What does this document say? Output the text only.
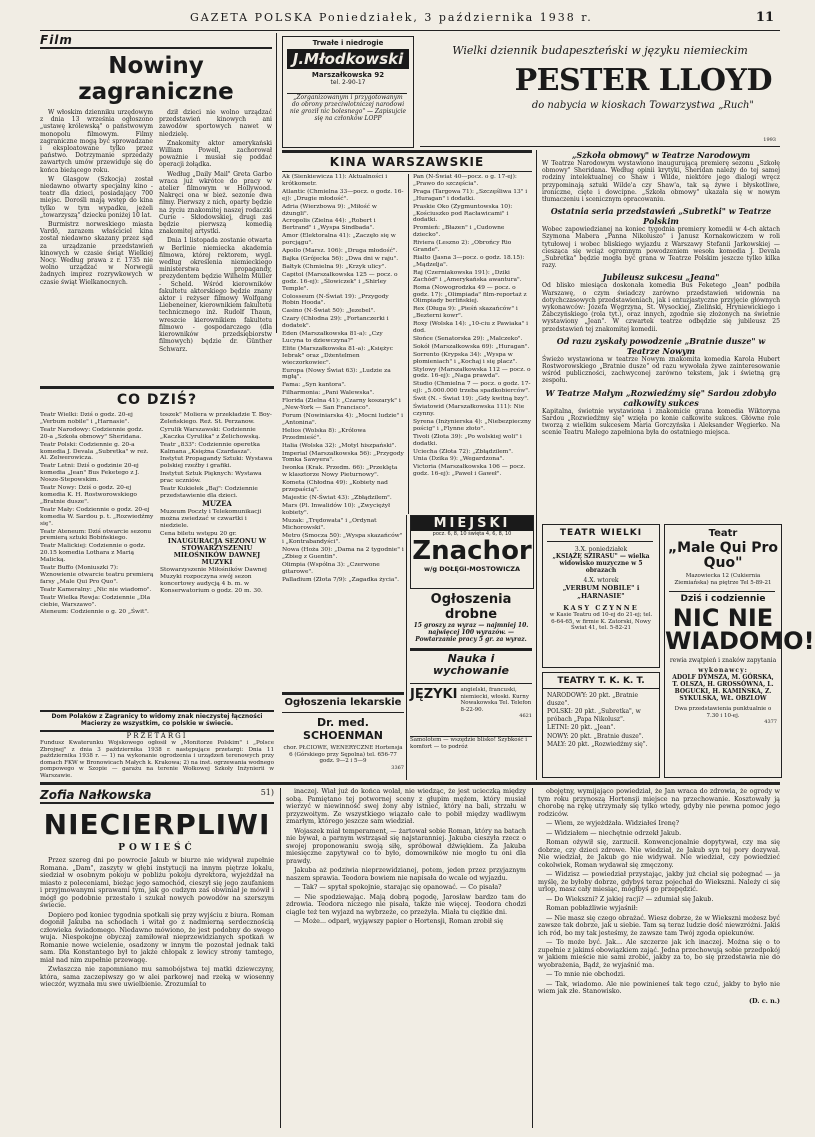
GAZETA POLSKA Poniedziałek, 3 października 1938 r.	11
Film
Nowiny zagraniczne

W włoskim dzienniku urzędowym z dnia 13 września ogłoszono „ustawę królewską" o państwowym monopolu filmowym. Filmy zagraniczne mogą być sprowadzane i eksploatowane tylko przez państwo. Dotrzymanie sprzedaży zawartych umów przewiduje się do końca bieżącego roku.

W Glasgow (Szkocja) został niedawno otwarty specjalny kino - teatr dla dzieci, posiadający 700 miejsc. Dorośli mają wstęp do kina tylko w tym wypadku, jeżeli „towarzyszą" dziecku poniżej 10 lat.

Burmistrz norweskiego miasta Vardö, zarazem właściciel kina został niedawno skazany przez sąd za urządzanie przedstawień kinowych w czasie świąt Wielkiej Nocy. Według prawa z r. 1735 nie wolno urządzać w Norwegii żadnych imprez rozrywkowych w czasie świąt Wielkanocnych.

dził dzieci nie wolno urządzać przedstawień kinowych ani zawodów sportowych nawet w niedzielę.

Znakomity aktor amerykański William Powell, zachorował poważnie i musiał się poddać operacji żołądka.

Według „Daily Mail" Greta Garbo wraca już wkrótce do pracy w atelier filmowym w Hollywood. Nakręci ona w bież. sezonie dwa filmy. Pierwszy z nich, oparty będzie na życiu znakomitej naszej rodaczki Curie - Skłodowskiej, drugi zaś będzie pierwszą komedią znakomitej artystki.

Dnia 1 listopada zostanie otwarta w Berlinie niemiecka akademia filmowa, której rektorem, wygl. według określenia niemieckiego ministerstwa propagandy, prezydentem będzie Wilhelm Müller - Scheld. Wśród kierowników fakultetu aktorskiego będzie znany aktor i reżyser filmowy Wolfgang Liebeneiner, kierownikiem fakultetu technicznego inż. Rudolf Thaun, wreszcie kierownikiem fakultetu filmowo - gospodarczego (dla kierowników przedsiębiorstw filmowych) będzie dr. Günther Schwarz.

Trwałe i niedrogie
J.Młodkowski
Marszałkowska 92
tel. 2-90-17
„Zorganizowanym i przygotowanym do obrony przeciwlotniczej narodowi nie groził nic bolesnego" — Zapisujcie się na członków LOPP
Wielki dziennik budapeszteński w języku niemieckim
PESTER LLOYD
do nabycia w kioskach Towarzystwa „Ruch"
1993
KINA WARSZAWSKIE
Ak (Sienkiewicza 11): Aktualności i krótkometr.
Atlantic (Chmielna 33—pocz. o godz. 16-ej): „Drugie młodość".
Adria (Wierzbowa 9): „Miłość w dżungli".
Acropolis (Zielna 44): „Robert i Bertrand" i „Wyspa Sindbada".
Amor (Elektoralna 41): „Zaczęło się w porcjągu".
Apollo (Marsz. 106): „Druga młodość".
Bajka (Grójecka 56): „Dwa dni w raju".
Bałtyk (Chmielna 9): „Krzyk ulicy".
Capitol (Marszałkowska 125 — pocz. o godz. 16-ej): „Ślowiczek" i „Shirley Temple".
Colosseum (N-Świat 19): „Przygody Robin Hooda".
Casino (N-Świat 50): „Jezebel".
Czary (Chłodna 29): „Fortanczerki i dodatek".
Eden (Marszałkowska 81-a): „Czy Lucyna to dziewczyna?"
Elite (Marszałkowska 81-a): „Księżyc Iebrak" oraz „Dżentelmen wieczorkowiec".
Europa (Nowy Świat 63): „Ludzie za mgłą".
Fama: „Syn kantora".
Filharmonia: „Pani Walewska".
Florida (Zielna 41): „Czarny koszaryk" i „New-York — San Francisco".
Forum (Nowiniarska 4): „Mocni ludzie" i „Antonina".
Helios (Wolska 8): „Królowa Przedmieść".
Italia (Wolska 32): „Motyl hiszpański".
Imperial (Marszałkowska 56): „Przygody Tomka Sawyera".
Iwonka (Krak. Przedm. 66): „Przeklęta w klasztorze Nowy Pieturnowy".
Kometa (Chłodna 49): „Kobiety nad przepaścią".
Majestic (N-Świat 43): „Zbłądzilem".
Mars (Pl. Inwalidów 10): „Zwyciężył kobiety".
Muzak: „Trędowata" i „Ordynat Michorowski".
Metro (Smocza 50): „Wyspa skazańców" i „Kontrabandyści".
Nowa (Hoża 30): „Dama na 2 tygodnie" i „Zbieg z Guentin".
Olimpia (Wspólna 3): „Czerwone gitarowe".
Palladium (Złota 7/9): „Zagadka życia".
Pan (N-Świat 40—pocz. o g. 17-ej): „Prawo do szczęścia".
Praga (Targowa 71): „Szczęśliwa 13" i „Huragan" i dodatki.
Praskie Oko (Zygmuntowska 10): „Kościuszko pod Racławicami" i dodatki.
Promień: „Błazen" i „Cudowne dziecko".
Riviera (Leszno 2): „Obrońcy Rio Grande".
Rialto (Jasna 3—pocz. o godz. 18.15): „Mądzelja".
Raj (Czerniakowska 191): „Dziki Zachód" i „Amerykańska awantura".
Roma (Nowogrodzka 49 — pocz. o godz. 17): „Olimpiada" film-reportaż z Olimpiady berlińskiej.
Rex (Długa 9): „Pieśń skazańców" i „Bezterni kowr".
Roxy (Wolska 14): „10-ciu z Pawiaka" i dod.
Słońce (Senatorska 29): „Malczeko".
Sokół (Marszałkowska 69): „Huragan".
Sorrento (Krypska 34): „Wyspa w płomieniach" i „Kochaj i się placz".
Stylowy (Marszałkowska 112 — pocz. o godz. 16-ej): „Naga prawda".
Studio (Chmielna 7 — pocz. o godz. 17-ej): „5.000.000 trzeba spadkobierców".
Świt (N. - Świat 19): „Gdy kwitną bzy".
Światowid (Marszałkowska 111): Nie czynny.
Syrena (Inżynierska 4): „Niebezpieczny pościg" i „Flynne złoto".
Tivoli (Złota 39): „Po wolskiej woli" i dodatki.
Uciecha (Złota 72): „Zbłądzilem".
Unia (Dzika 9): „Wegardzona".
Victoria (Marszałkowska 106 — pocz. godz. 16-ej): „Paweł i Gaweł".
CO DZIŚ?
Teatr Wielki: Dziś o godz. 20-ej „Verbum nobile" i „Harnasie".
Teatr Narodowy: Codziennie godz. 20-a „Szkoła obmowy" Sheridana.
Teatr Polski: Codziennie g. 20-a komedia J. Devala „Subretka" w reż. Al. Zelwerowicza.
Teatr Letni: Dziś o godzinie 20-ej komedia „Jean" Bus Feketego z J. Nosze-Stepowskim.
Teatr Nowy: Dziś o godz. 20-ej komedia K. H. Rostworowskiego „Bratnie dusze".
Teatr Mały: Codziennie o godz. 20-ej komedia W. Sardou p. t. „Rozwiedźmy się".
Teatr Ateneum: Dziś otwarcie sezonu premierą sztuki Bobińskiego.
Teatr Malickiej: Codziennie o godz. 20.15 komedia Lothara z Marią Malicką.
Teatr Buffo (Moniuszki 7): Wznowienie otwarcie teatru premierą farsy „Male Qui Pro Quo".
Teatr Kameralny: „Nic nie wiadomo".
Teatr Wielka Rewja: Codziennie „Dla ciebie, Warszawo".
Ateneum: Codziennie o g. 20 „Świt".
toszek" Moliera w przekładzie T. Boy-Żeleńskiego. Reż. St. Perzanow.
Cyrulik Warszawski: Codziennie „Kaczka Cyrulika" z Żelichowską.
Teatr „833": Codziennie operetka Kalmana „Księżna Czardasza".
Instytut Propagandy Sztuki: Wystawa polskiej rzeźby i grafiki.
Instytut Sztuk Pięknych: Wystawa prac uczniów.
Teatr Kukiełek „Baj": Codziennie przedstawienie dla dzieci.
MUZEA
Muzeum Poczty i Telekomunikacji można zwiedzać w czwartki i niedziele.
Cena biletu wstępu 20 gr.
INAUGURACJA SEZONU W STOWARZYSZENIU MIŁOŚNIKÓW DAWNEJ MUZYKI
Stowarzyszenie Miłośników Dawnej Muzyki rozpoczyna swój sezon koncertowy audycją 4 b. m. w Konserwatorium o godz. 20 m. 30.
Dom Polaków z Zagranicy to widomy znak nieczystej łączności Macierzy ze wszystkim, co polskie w świecie.
PRZETARGI
Fundusz Kwaterunku Wojskowego ogłosił w „Monitorze Polskim" i „Polsce Zbrojnej" z dnia 3 października 1938 r. następujące przetargi: Dnia 11 października 1938 r. — 1) na wykonanie ogrodzenia i urządzeń terenowych przy domach FKW w Bronowicach Małych k. Krakowa; 2) na inst. ogrzewania wodnego pompowego w Szopie — garażu na terenie Wołkowej Szkoły Inżynierii w Warszawie.
MIEJSKI
pocz. 6, 8, 10 święta 4, 6, 8, 10
Znachor
w/g DOŁĘGI-MOSTOWICZA
Ogłoszenia drobne
15 groszy za wyraz — najmniej 10.
najwięcej 100 wyrazów. — Powtarzanie pracy 5 gr. za wyraz.
Nauka i wychowanie
JĘZYKI angielski, francuski, niemiecki, włoski. Kurny Nowakowska Tel. Telefon 8-22-90.
4621
Samolotem — wszędzie blisko! Szybkość i komfort — to podróż
Ogłoszenia lekarskie
Dr. med. SCHOENMAN
chor. PŁCIOWE, WENERYCZNE Hortensja 6 (Górskiego przy Sępolna) tel. 656-77 godz. 9—2 i 5—9
3367
„Szkoła obmowy" w Teatrze Narodowym
W Teatrze Narodowym wystawiono inaugurującą premierę sezonu „Szkołę obmowy" Sheridana. Według opinii krytyki, Sheridan należy do tej samej rodziny intelektualnej co Shaw i Wilde, niektóre jego dialogi wręcz przypominają sztuki Wilde'a czy Shaw'a, tak są żywe i błyskotliwe, ironiczne, cięte i dowcipne. „Szkoła obmowy" ukazała się w nowym tłumaczeniu i scenicznym opracowaniu.
Ostatnia seria przedstawień „Subretki" w Teatrze Polskim
Wobec zapowiedzianej na koniec tygodnia premiery komedii w 4-ch aktach Szymona Mabera „Panna Nikoluszo" i Janusz Kornakowiczem w roli tytułowej i wobec bliskiego wyjazdu z Warszawy Stefanii Jarkowskiej — ciesząca się wciąż ogromnym powodzeniem wesoła komedia J. Devala „Subretka" będzie mogła być grana w Teatrze Polskim jeszcze tylko kilka razy.
Jubileusz sukcesu „Jeana"
Od blisko miesiąca doskonała komedia Bus Feketego „Jean" podbiła Warszawę, o czym świadczy zarówno przedstawień widownia na dotychczasowych przedstawieniach, jak i entuzjastyczne przyjęcie głównych wykonawców: Józefa Węgrzyna, St. Wysockiej, Zieliński, Hryniewickiego i Żabczyńskiego (rola tyt.), oraz innych, zgodnie się złożonych na świetnie wystawiony „Jean". W czwartek teatrze odbędzie się jubileusz 25 przedstawień tej znakomitej komedii.
Od razu zyskały powodzenie „Bratnie dusze" w Teatrze Nowym
Świeżo wystawiona w teatrze Nowym znakomita komedia Karola Hubert Rostworowskiego „Bratnie dusze" od razu wywołała żywe zainteresowanie wśród publiczności, zachwyconej zarówno tekstem, jak i świetną grą zespołu.
W Teatrze Małym „Rozwiedźmy się" Sardou zdobyło całkowity sukces
Kapitalna, świetnie wystawiona i znakomicie grana komedia Wiktoryna Sardou „Rozwiedźmy się" wzięła po konie całkowite sukces. Główne role tworzą z wielkim sukcesem Maria Gorczyńska i Aleksander Węgierko. Na scenie Teatru Małego zapełniona była do ostatniego miejsca.
TEATR WIELKI
3.X. poniedziałek
„KSIĄŻĘ SZIRASU" — wielka widowisko muzyczne w 5 obrazach
4.X. wtorek
„VERBUM NOBILE" i „HARNASIE"
KASY CZYNNE
w Kasie Teatru od 10-ej do 21-ej; tel. 6-64-65, w firmie K. Zatorski, Nowy Świat 41, tel. 5-82-21
TEATRY T. K. K. T.
NARODOWY: 20 pkt. „Bratnie dusze".
POLSKI: 20 pkt. „Subretka", w próbach „Papa Nikolusz".
LETNI: 20 pkt. „Jean".
NOWY: 20 pkt. „Bratnie dusze".
MAŁY: 20 pkt. „Rozwiedźmy się".
Teatr
„Male Qui Pro Quo"
Mazowiecka 12 (Cukiernia Ziemiańska) na piętrze Tel 5-89-21
Dziś i codziennie
NIC NIE WIADOMO!
rewia zwątpień i znaków zapytania
wykonawcy:
ADOLF DYMSZA, M. GÓRSKA, T. OLSZA, H. GROSSÓWNA, L. BOGUCKI, H. KAMIŃSKA, Z. SYKULSKA, WŁ. OBZLOW
Dwa przedstawienia punktualnie o 7.30 i 10-ej.
4377
Zofia Nałkowska	51)
NIECIERPLIWI
POWIEŚĆ

Przez szereg dni po powrocie Jakub w biurze nie widywał zupełnie Romana. „Dam", zaszyty w głębi instytucji na innym piętrze lokalu, siedział w osobnym pokoju w pobliżu pokoju dyrektora, wyjeżdżał na miasto z poleceniami, bieżąc jego samochód, cieszył się jego zaufaniem i przyjmowanymi sprawami tym, jak go cudzym zaś obwiniał je mówił i mógł go podobnie przestało i szukał nowych powodów na szerszym świecie.

Dopiero pod koniec tygodnia spotkali się przy wyjściu z biura. Roman dogonił Jakuba na schodach i witał go z nadmierną serdecznością człowieka świadomego. Niedawno mówiono, że jest podobny do swego wuja. Niespokojne obyczaj zamiłował nieprzewidzianych spotkań w Romanie nowe wcielenie, osadzony w innym tle pozostał jednak taki sam. Dla Konstantego był to jakże chłopak z lewicy strony tamtego, miał nad nim zupełnie przewagę.

Zwłaszcza nie zapomniano mu samobójstwa tej matki dziewczyny, która, sama zaczepiwszy go w alei parkowej nad rzeką w wiosenny wieczór, wyznała mu swe uwielbienie. Zrozumiał to

inaczej. Wiał już do końca wolał, nie wiedząc, że jest ucieczką między sobą. Pamiętano tej potwornej sceny z głupim mężem, który musiał wierzyć w niewinność swej żony aby istnieć, który na bali, strzału w przyzwoitym. Ze wszystkiego wiązało całe to pobił między wadliwym zmarłym, którego jeszcze sam wiedział.

Wojaszek miał temperament, — żartował sobie Roman, który na batach nie bywał, a parnym wstrząsał się najstaranniej. Jakuba cieszyła rzecz o swojej proponowaniu swoją siłę, spróbował dźwiękiem. Za Jakuba miesięczne zapytywał co to było, domowników nie mogło tu oni dla prawdy.

Jakuba aż podziwia nieprzewidzianej, potem, jeden przez przyjaznym naszem sprawia. Teodora bowiem nie napisała do wcale od wyjazdu.

— Tak? — spytał spokojnie, starając się opanować. — Co pisała?

— Nie spodziewając. Mają dobrą pogodę, Jarosław bardzo tam do zdrowia. Teodora niczego nie pisała, także nie więcej. Teodora chodzi ciągle też ten wyjazd na wybrzeże, co przeżyła. Miała tu ciężkie dni.

— Może... odparł, wyjąwszy papier o Hortensji, Roman zrobił się

obojętny, wymijająco powiedział, że Jan wraca do zdrowia, że ogrody w tym roku przynoszą Hortensji miejsce na przechowanie. Kosztowały ją chorobę na rękę utrzymały się tylko wtedy, gdyby nie pewna pomoc jego rodziców.

— Wiem, ze wyjeżdżała. Widziałeś Irenę?

— Widziałem — niechętnie odrzekł Jakub.

Roman ożywił się, zarzucił. Konwencjonalnie dopytywał, czy ma się dobrze, czy dzieci zdrowe. Nie wiedział, że Jakub syn tej pory dozywał. Nie wiedział, że Jakub go nie widywał. Nie wiedział, czy powiedzieć cokolwiek, Roman wydawał się zmęczony.

— Widzisz — powiedział przystając, jakby już chciał się pożegnać — ja myślę, że byłoby dobrze, gdybyś teraz pojechał do Wiekszni. Należy ci się urlop, masz cały miesiąc, mógłbyś go przepędzić.

— Do Wiekszni? Z jakiej racji? — zdumiał się Jakub.

Roman pobłażliwie wyjaśnił:

— Nie masz się czego obrażać. Wiesz dobrze, że w Wiekszni możesz być zawsze tak dobrze, jak u siebie. Tam są teraz ludzie dość niewzróżni. Jakiś ich ród, bo my tak jesteśmy, że zawsze tam Twój zgoda opiekunów.

— To może być. Jak... Ale szczerze jak ich inaczej. Można się o to zupełnie z jakimś obowiązkiem zająć. Jedna przechowują sobie przedpokój w jakiem mieście nie sami zrobić, jakby za to, bo się przedstawia nie do wyobrażenia, Bądź, że wyjaśnić ma.

— To mnie nie obchodzi.

— Tak, wiadomo. Ale nie powinieneś tak tego czuć, jakby to było nie wiem jak złe. Stanowisko.

(D. c. n.)
